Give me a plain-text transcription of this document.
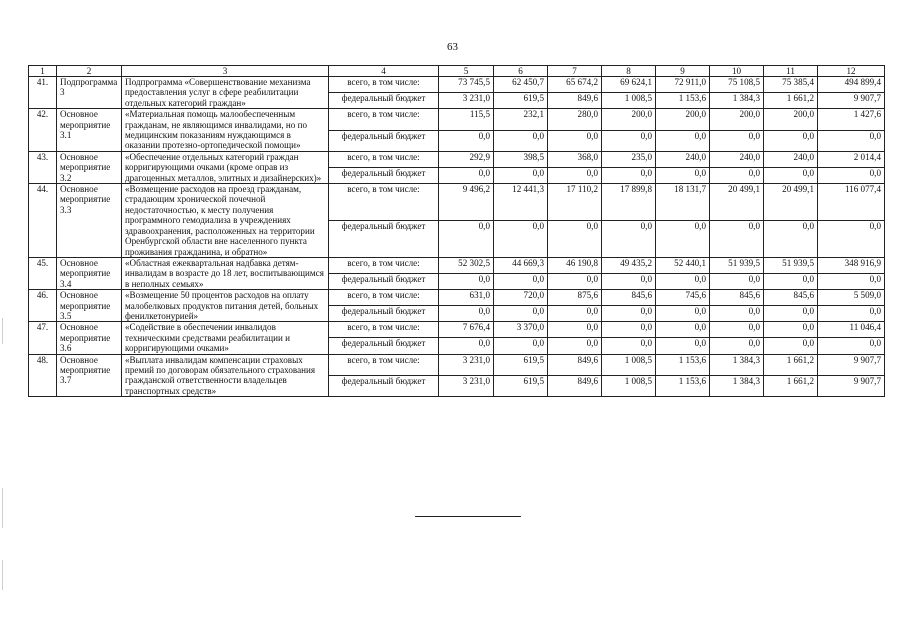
63
1	2	3	4	5	6	7	8	9	10	11	12
41.	Подпрограмма 3	Подпрограмма «Совершенствование механизма предоставления услуг в сфере реабилитации отдельных категорий граждан»	всего, в том числе:	73 745,5	62 450,7	65 674,2	69 624,1	72 911,0	75 108,5	75 385,4	494 899,4
			федеральный бюджет	3 231,0	619,5	849,6	1 008,5	1 153,6	1 384,3	1 661,2	9 907,7
42.	Основное мероприятие 3.1	«Материальная помощь малообеспеченным гражданам, не являющимся инвалидами, но по медицинским показаниям нуждающимся в оказании протезно-ортопедической помощи»	всего, в том числе:	115,5	232,1	280,0	200,0	200,0	200,0	200,0	1 427,6
			федеральный бюджет	0,0	0,0	0,0	0,0	0,0	0,0	0,0	0,0
43.	Основное мероприятие 3.2	«Обеспечение отдельных категорий граждан корригирующими очками (кроме оправ из драгоценных металлов, элитных и дизайнерских)»	всего, в том числе:	292,9	398,5	368,0	235,0	240,0	240,0	240,0	2 014,4
			федеральный бюджет	0,0	0,0	0,0	0,0	0,0	0,0	0,0	0,0
44.	Основное мероприятие 3.3	«Возмещение расходов на проезд гражданам, страдающим хронической почечной недостаточностью, к месту получения программного гемодиализа в учреждениях здравоохранения, расположенных на территории Оренбургской области вне населенного пункта проживания гражданина, и обратно»	всего, в том числе:	9 496,2	12 441,3	17 110,2	17 899,8	18 131,7	20 499,1	20 499,1	116 077,4
			федеральный бюджет	0,0	0,0	0,0	0,0	0,0	0,0	0,0	0,0
45.	Основное мероприятие 3.4	«Областная ежеквартальная надбавка детям-инвалидам в возрасте до 18 лет, воспитывающимся в неполных семьях»	всего, в том числе:	52 302,5	44 669,3	46 190,8	49 435,2	52 440,1	51 939,5	51 939,5	348 916,9
			федеральный бюджет	0,0	0,0	0,0	0,0	0,0	0,0	0,0	0,0
46.	Основное мероприятие 3.5	«Возмещение 50 процентов расходов на оплату малобелковых продуктов питания детей, больных фенилкетонурией»	всего, в том числе:	631,0	720,0	875,6	845,6	745,6	845,6	845,6	5 509,0
			федеральный бюджет	0,0	0,0	0,0	0,0	0,0	0,0	0,0	0,0
47.	Основное мероприятие 3.6	«Содействие в обеспечении инвалидов техническими средствами реабилитации и корригирующими очками»	всего, в том числе:	7 676,4	3 370,0	0,0	0,0	0,0	0,0	0,0	11 046,4
			федеральный бюджет	0,0	0,0	0,0	0,0	0,0	0,0	0,0	0,0
48.	Основное мероприятие 3.7	«Выплата инвалидам компенсации страховых премий по договорам обязательного страхования гражданской ответственности владельцев транспортных средств»	всего, в том числе:	3 231,0	619,5	849,6	1 008,5	1 153,6	1 384,3	1 661,2	9 907,7
			федеральный бюджет	3 231,0	619,5	849,6	1 008,5	1 153,6	1 384,3	1 661,2	9 907,7
